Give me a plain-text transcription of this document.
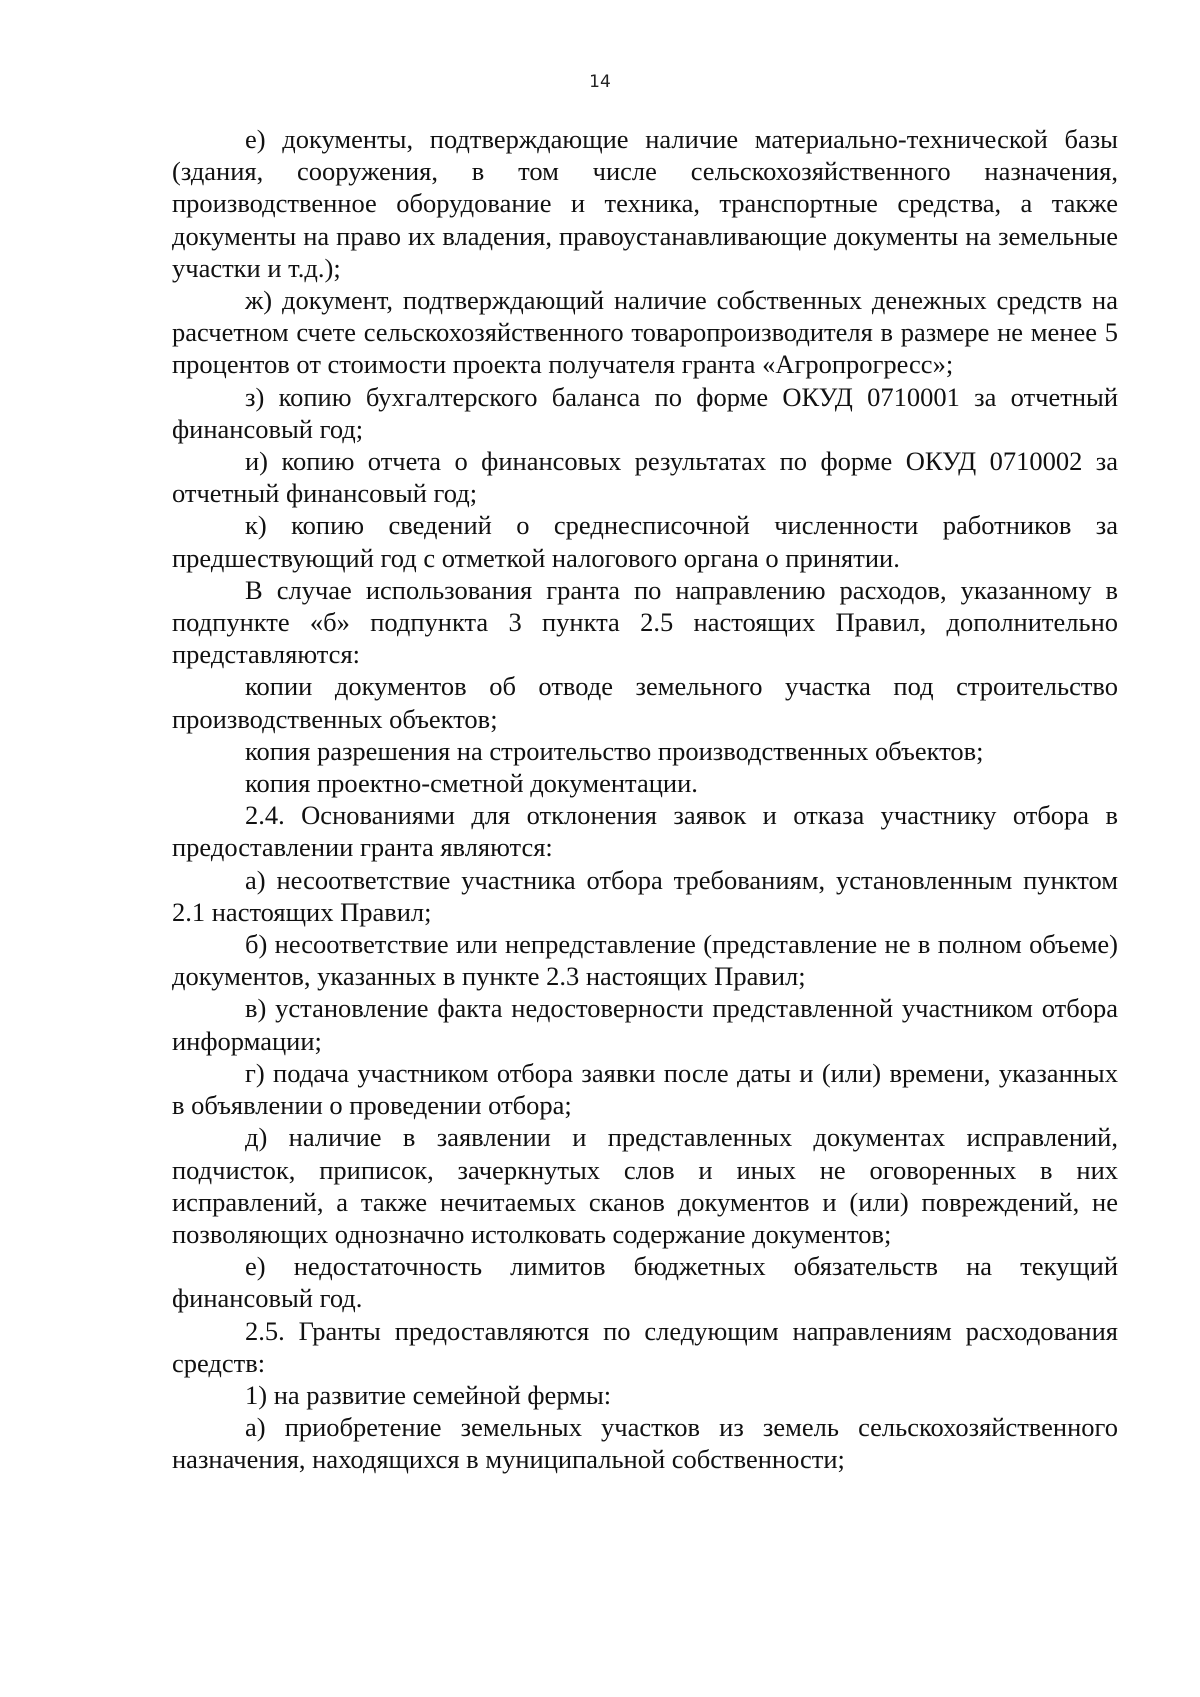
14

е) документы, подтверждающие наличие материально-технической базы (здания, сооружения, в том числе сельскохозяйственного назначения, производственное оборудование и техника, транспортные средства, а также документы на право их владения, правоустанавливающие документы на земельные участки и т.д.);

ж) документ, подтверждающий наличие собственных денежных средств на расчетном счете сельскохозяйственного товаропроизводителя в размере не менее 5 процентов от стоимости проекта получателя гранта «Агропрогресс»;

з) копию бухгалтерского баланса по форме ОКУД 0710001 за отчетный финансовый год;

и) копию отчета о финансовых результатах по форме ОКУД 0710002 за отчетный финансовый год;

к) копию сведений о среднесписочной численности работников за предшествующий год с отметкой налогового органа о принятии.

В случае использования гранта по направлению расходов, указанному в подпункте «б» подпункта 3 пункта 2.5 настоящих Правил, дополнительно представляются:

копии документов об отводе земельного участка под строительство производственных объектов;

копия разрешения на строительство производственных объектов;

копия проектно-сметной документации.

2.4. Основаниями для отклонения заявок и отказа участнику отбора в предоставлении гранта являются:

а) несоответствие участника отбора требованиям, установленным пунктом 2.1 настоящих Правил;

б) несоответствие или непредставление (представление не в полном объеме) документов, указанных в пункте 2.3 настоящих Правил;

в) установление факта недостоверности представленной участником отбора информации;

г) подача участником отбора заявки после даты и (или) времени, указанных в объявлении о проведении отбора;

д) наличие в заявлении и представленных документах исправлений, подчисток, приписок, зачеркнутых слов и иных не оговоренных в них исправлений, а также нечитаемых сканов документов и (или) повреждений, не позволяющих однозначно истолковать содержание документов;

е) недостаточность лимитов бюджетных обязательств на текущий финансовый год.

2.5. Гранты предоставляются по следующим направлениям расходования средств:

1) на развитие семейной фермы:

а) приобретение земельных участков из земель сельскохозяйственного назначения, находящихся в муниципальной собственности;
